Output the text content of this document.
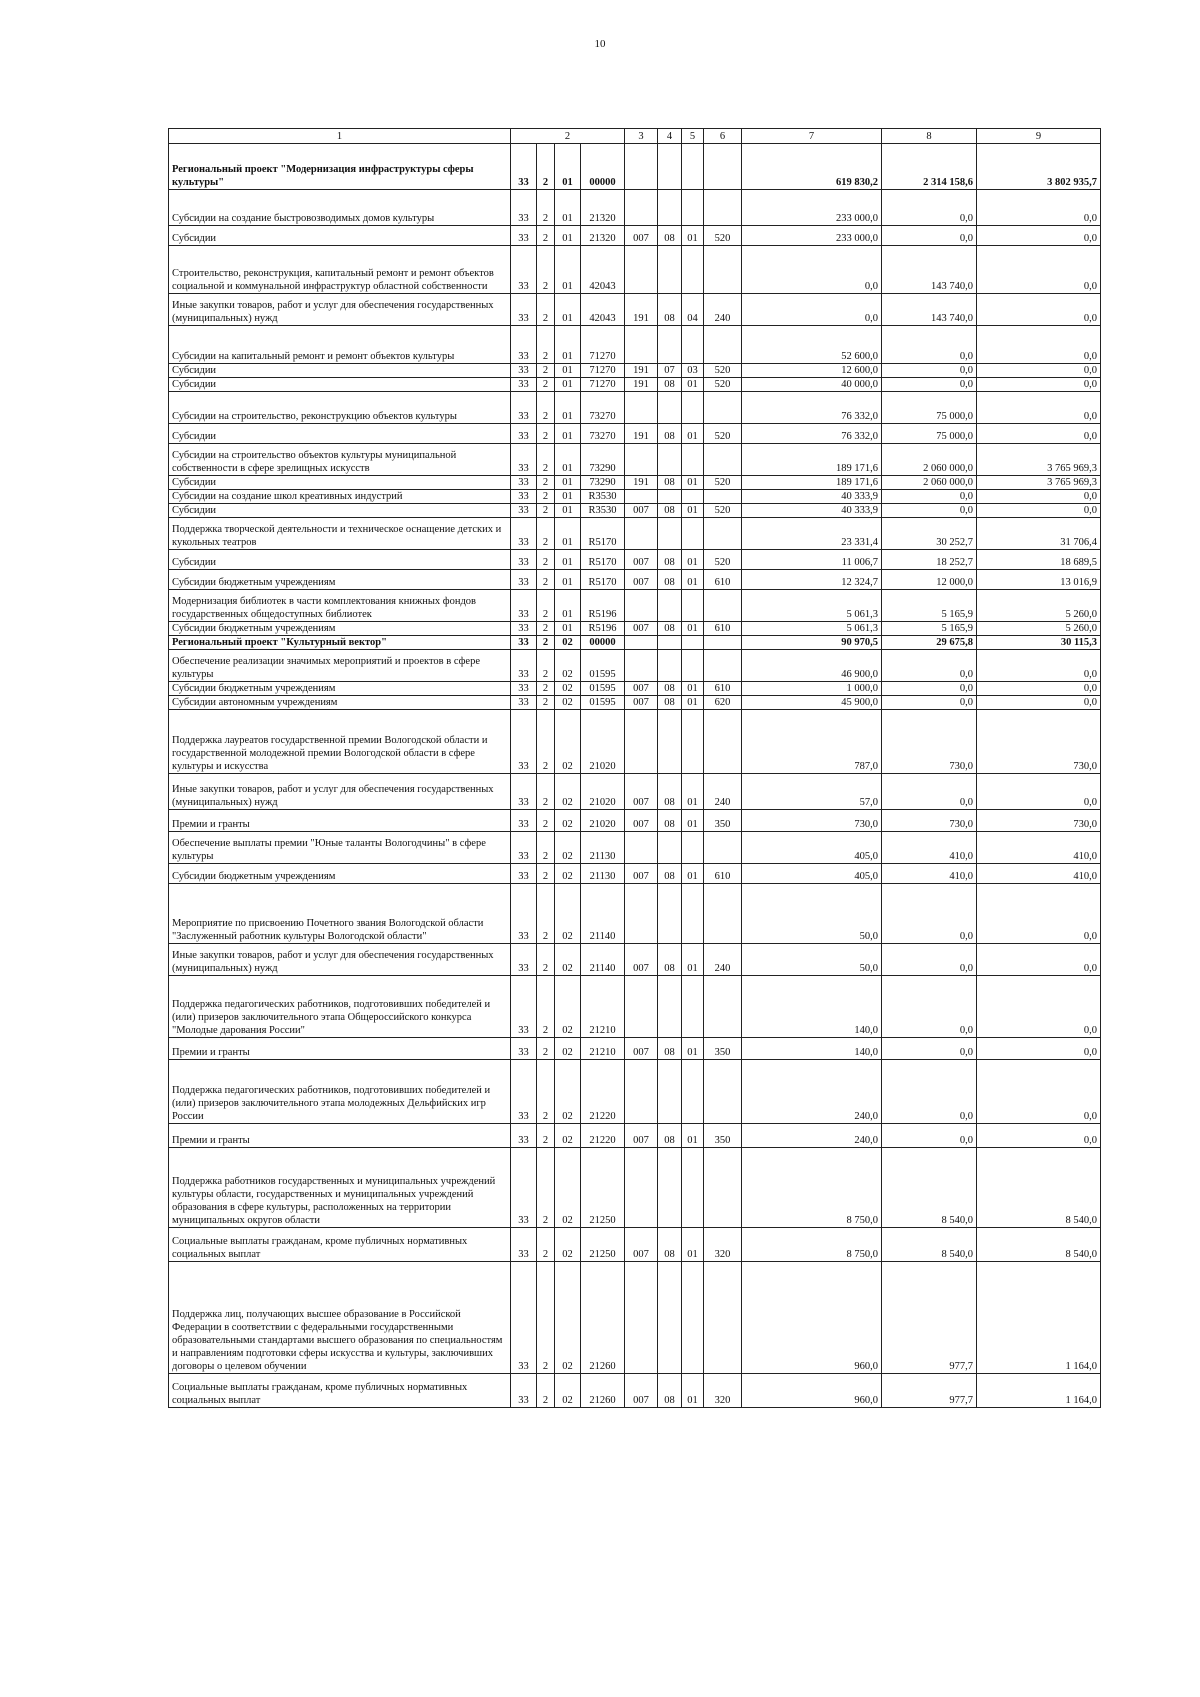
10
1	2				3	4	5	6	7	8	9
Региональный проект "Модернизация инфраструктуры сферы культуры"	33	2	01	00000					619 830,2	2 314 158,6	3 802 935,7
Субсидии на создание быстровозводимых домов культуры	33	2	01	21320					233 000,0	0,0	0,0
Субсидии	33	2	01	21320	007	08	01	520	233 000,0	0,0	0,0
Строительство, реконструкция, капитальный ремонт и ремонт объектов социальной и коммунальной инфраструктур областной собственности	33	2	01	42043					0,0	143 740,0	0,0
Иные закупки товаров, работ и услуг для обеспечения государственных (муниципальных) нужд	33	2	01	42043	191	08	04	240	0,0	143 740,0	0,0
Субсидии на капитальный ремонт и ремонт объектов культуры	33	2	01	71270					52 600,0	0,0	0,0
Субсидии	33	2	01	71270	191	07	03	520	12 600,0	0,0	0,0
Субсидии	33	2	01	71270	191	08	01	520	40 000,0	0,0	0,0
Субсидии на строительство, реконструкцию объектов культуры	33	2	01	73270					76 332,0	75 000,0	0,0
Субсидии	33	2	01	73270	191	08	01	520	76 332,0	75 000,0	0,0
Субсидии на строительство объектов культуры муниципальной собственности в сфере зрелищных искусств	33	2	01	73290					189 171,6	2 060 000,0	3 765 969,3
Субсидии	33	2	01	73290	191	08	01	520	189 171,6	2 060 000,0	3 765 969,3
Субсидии на создание школ креативных индустрий	33	2	01	R3530					40 333,9	0,0	0,0
Субсидии	33	2	01	R3530	007	08	01	520	40 333,9	0,0	0,0
Поддержка творческой деятельности и техническое оснащение детских и кукольных театров	33	2	01	R5170					23 331,4	30 252,7	31 706,4
Субсидии	33	2	01	R5170	007	08	01	520	11 006,7	18 252,7	18 689,5
Субсидии бюджетным учреждениям	33	2	01	R5170	007	08	01	610	12 324,7	12 000,0	13 016,9
Модернизация библиотек в части комплектования книжных фондов государственных общедоступных библиотек	33	2	01	R5196					5 061,3	5 165,9	5 260,0
Субсидии бюджетным учреждениям	33	2	01	R5196	007	08	01	610	5 061,3	5 165,9	5 260,0
Региональный проект "Культурный вектор"	33	2	02	00000					90 970,5	29 675,8	30 115,3
Обеспечение реализации значимых мероприятий и проектов в сфере культуры	33	2	02	01595					46 900,0	0,0	0,0
Субсидии бюджетным учреждениям	33	2	02	01595	007	08	01	610	1 000,0	0,0	0,0
Субсидии автономным учреждениям	33	2	02	01595	007	08	01	620	45 900,0	0,0	0,0
Поддержка лауреатов государственной премии Вологодской области и государственной молодежной премии Вологодской области в сфере культуры и искусства	33	2	02	21020					787,0	730,0	730,0
Иные закупки товаров, работ и услуг для обеспечения государственных (муниципальных) нужд	33	2	02	21020	007	08	01	240	57,0	0,0	0,0
Премии и гранты	33	2	02	21020	007	08	01	350	730,0	730,0	730,0
Обеспечение выплаты премии "Юные таланты Вологодчины" в сфере культуры	33	2	02	21130					405,0	410,0	410,0
Субсидии бюджетным учреждениям	33	2	02	21130	007	08	01	610	405,0	410,0	410,0
Мероприятие по присвоению Почетного звания Вологодской области "Заслуженный работник культуры Вологодской области"	33	2	02	21140					50,0	0,0	0,0
Иные закупки товаров, работ и услуг для обеспечения государственных (муниципальных) нужд	33	2	02	21140	007	08	01	240	50,0	0,0	0,0
Поддержка педагогических работников, подготовивших победителей и (или) призеров заключительного этапа Общероссийского конкурса "Молодые дарования России"	33	2	02	21210					140,0	0,0	0,0
Премии и гранты	33	2	02	21210	007	08	01	350	140,0	0,0	0,0
Поддержка педагогических работников, подготовивших победителей и (или) призеров заключительного этапа молодежных Дельфийских игр России	33	2	02	21220					240,0	0,0	0,0
Премии и гранты	33	2	02	21220	007	08	01	350	240,0	0,0	0,0
Поддержка работников государственных и муниципальных учреждений культуры области, государственных и муниципальных учреждений образования в сфере культуры, расположенных на территории муниципальных округов области	33	2	02	21250					8 750,0	8 540,0	8 540,0
Социальные выплаты гражданам, кроме публичных нормативных социальных выплат	33	2	02	21250	007	08	01	320	8 750,0	8 540,0	8 540,0
Поддержка лиц, получающих высшее образование в Российской Федерации в соответствии с федеральными государственными образовательными стандартами высшего образования по специальностям и направлениям подготовки сферы искусства и культуры, заключивших договоры о целевом обучении	33	2	02	21260					960,0	977,7	1 164,0
Социальные выплаты гражданам, кроме публичных нормативных социальных выплат	33	2	02	21260	007	08	01	320	960,0	977,7	1 164,0
